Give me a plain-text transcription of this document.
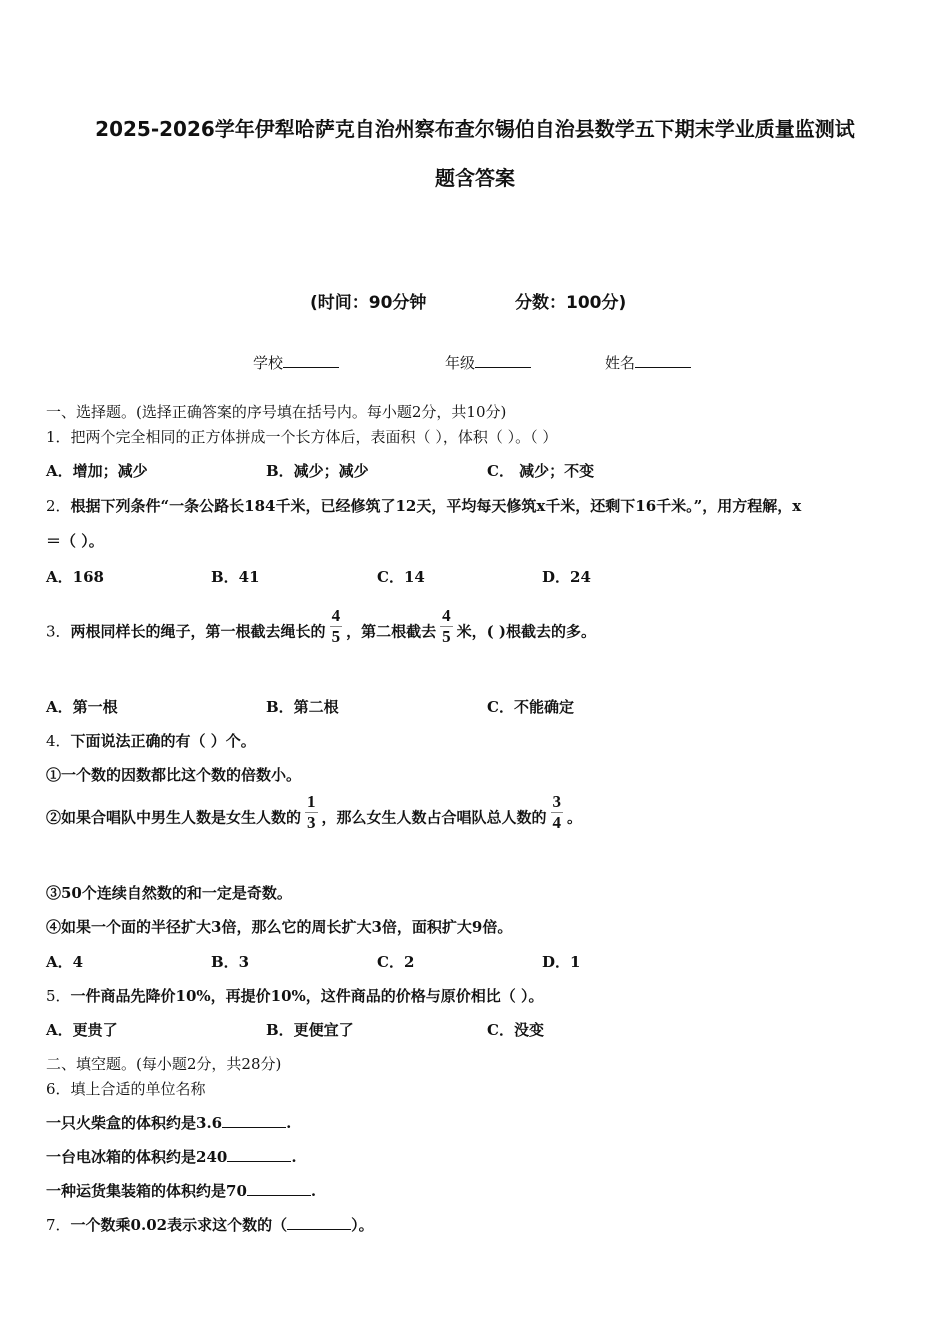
2025-2026学年伊犁哈萨克自治州察布查尔锡伯自治县数学五下期末学业质量监测试
题含答案
(时间：90分钟	分数：100分)
学校	年级	姓名
一、选择题。(选择正确答案的序号填在括号内。每小题2分，共10分)
1．把两个完全相同的正方体拼成一个长方体后，表面积（ ），体积（ ）。（ ）
A．增加；减少	B．减少；减少	C． 减少；不变
2．根据下列条件“一条公路长184千米，已经修筑了12天，平均每天修筑x千米，还剩下16千米。”，用方程解，x
＝（ ）。
A．168	B．41	C．14	D．24
3．两根同样长的绳子，第一根截去绳长的 $\frac{4}{5}$ ，第二根截去 $\frac{4}{5}$ 米，( )根截去的多。
A．第一根	B．第二根	C．不能确定
4．下面说法正确的有（ ）个。
①一个数的因数都比这个数的倍数小。
②如果合唱队中男生人数是女生人数的 $\frac{1}{3}$ ，那么女生人数占合唱队总人数的 $\frac{3}{4}$ 。
③50个连续自然数的和一定是奇数。
④如果一个面的半径扩大3倍，那么它的周长扩大3倍，面积扩大9倍。
A．4	B．3	C．2	D．1
5．一件商品先降价10%，再提价10%，这件商品的价格与原价相比（ ）。
A．更贵了	B．更便宜了	C．没变
二、填空题。(每小题2分，共28分)
6．填上合适的单位名称
一只火柴盒的体积约是3.6	.
一台电冰箱的体积约是240	.
一种运货集装箱的体积约是70	.
7．一个数乘0.02表示求这个数的（	）。
